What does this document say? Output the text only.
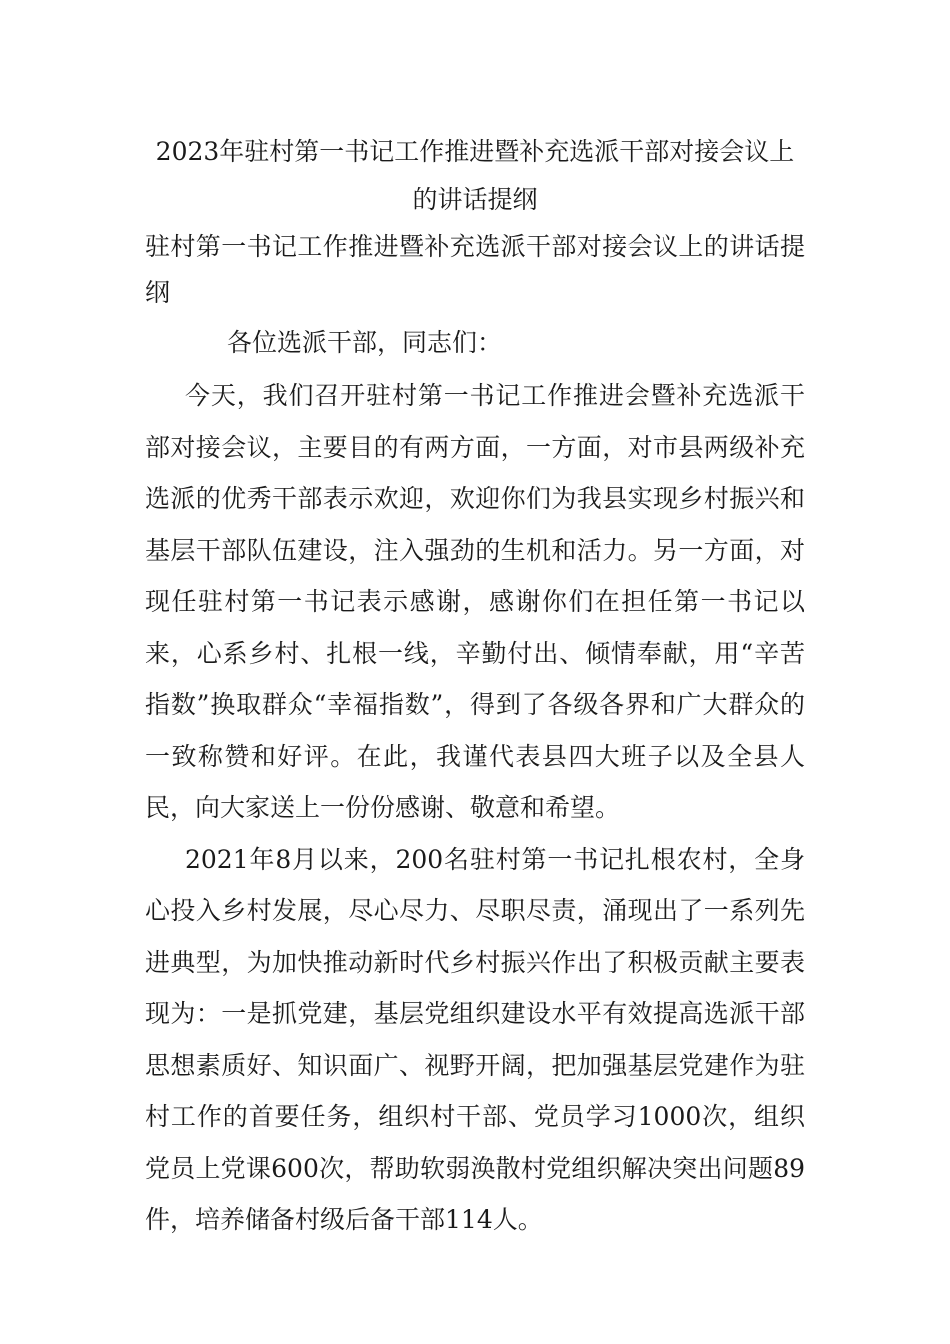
2023年驻村第一书记工作推进暨补充选派干部对接会议上的讲话提纲

驻村第一书记工作推进暨补充选派干部对接会议上的讲话提纲

各位选派干部，同志们：

今天，我们召开驻村第一书记工作推进会暨补充选派干部对接会议，主要目的有两方面，一方面，对市县两级补充选派的优秀干部表示欢迎，欢迎你们为我县实现乡村振兴和基层干部队伍建设，注入强劲的生机和活力。另一方面，对现任驻村第一书记表示感谢，感谢你们在担任第一书记以来，心系乡村、扎根一线，辛勤付出、倾情奉献，用“辛苦指数”换取群众“幸福指数”，得到了各级各界和广大群众的一致称赞和好评。在此，我谨代表县四大班子以及全县人民，向大家送上一份份感谢、敬意和希望。

2021年8月以来，200名驻村第一书记扎根农村，全身心投入乡村发展，尽心尽力、尽职尽责，涌现出了一系列先进典型，为加快推动新时代乡村振兴作出了积极贡献主要表现为：一是抓党建，基层党组织建设水平有效提高选派干部思想素质好、知识面广、视野开阔，把加强基层党建作为驻村工作的首要任务，组织村干部、党员学习1000次，组织党员上党课600次，帮助软弱涣散村党组织解决突出问题89件，培养储备村级后备干部114人。
